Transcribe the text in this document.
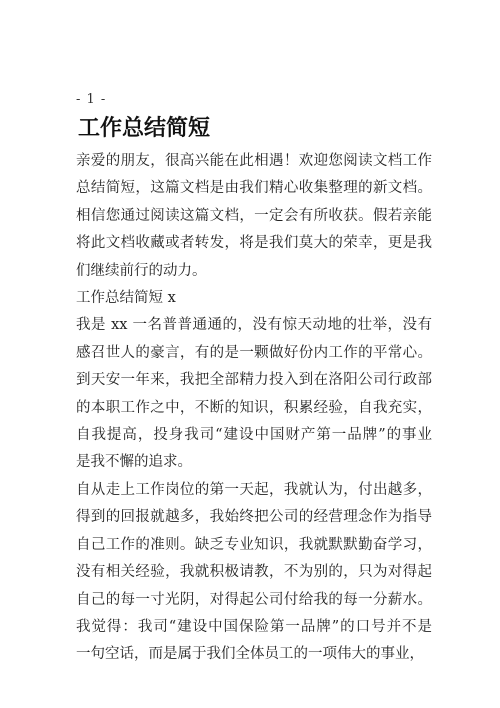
- 1 -
工作总结简短

亲爱的朋友，很高兴能在此相遇！欢迎您阅读文档工作
总结简短，这篇文档是由我们精心收集整理的新文档。
相信您通过阅读这篇文档，一定会有所收获。假若亲能
将此文档收藏或者转发，将是我们莫大的荣幸，更是我
们继续前行的动力。

工作总结简短 x

我是 xx 一名普普通通的，没有惊天动地的壮举，没有
感召世人的豪言，有的是一颗做好份内工作的平常心。
到天安一年来，我把全部精力投入到在洛阳公司行政部
的本职工作之中，不断的知识，积累经验，自我充实，
自我提高，投身我司“建设中国财产第一品牌”的事业
是我不懈的追求。

自从走上工作岗位的第一天起，我就认为，付出越多，
得到的回报就越多，我始终把公司的经营理念作为指导
自己工作的准则。缺乏专业知识，我就默默勤奋学习，
没有相关经验，我就积极请教，不为别的，只为对得起
自己的每一寸光阴，对得起公司付给我的每一分薪水。
我觉得：我司“建设中国保险第一品牌”的口号并不是
一句空话，而是属于我们全体员工的一项伟大的事业，
